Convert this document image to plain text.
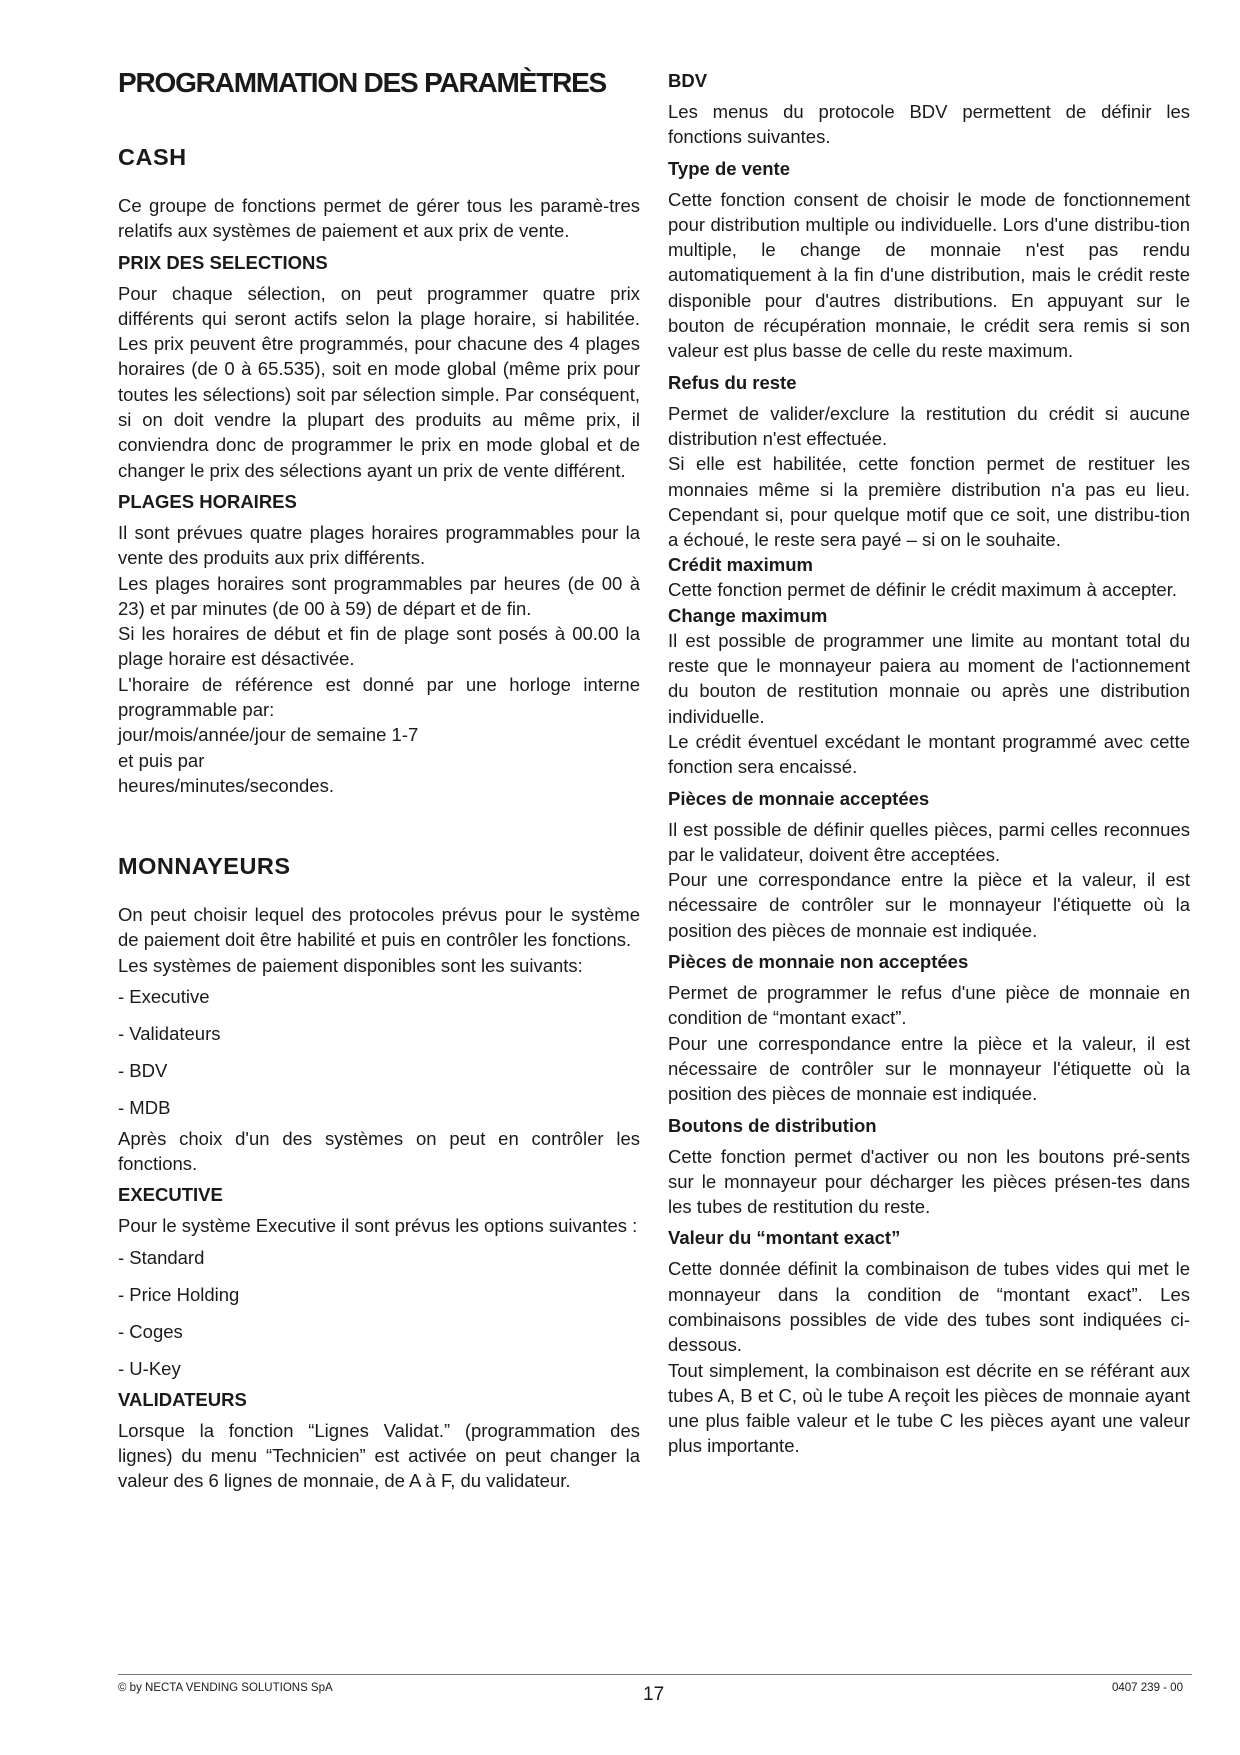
PROGRAMMATION DES PARAMÈTRES
CASH

Ce groupe de fonctions permet de gérer tous les paramè-tres relatifs aux systèmes de paiement et aux prix de vente.

PRIX DES SELECTIONS

Pour chaque sélection, on peut programmer quatre prix différents qui seront actifs selon la plage horaire, si habilitée. Les prix peuvent être programmés, pour chacune des 4 plages horaires (de 0 à 65.535), soit en mode global (même prix pour toutes les sélections) soit par sélection simple. Par conséquent, si on doit vendre la plupart des produits au même prix, il conviendra donc de programmer le prix en mode global et de changer le prix des sélections ayant un prix de vente différent.

PLAGES HORAIRES

Il sont prévues quatre plages horaires programmables pour la vente des produits aux prix différents.

Les plages horaires sont programmables par heures (de 00 à 23) et par minutes (de 00 à 59) de départ et de fin.

Si les horaires de début et fin de plage sont posés à 00.00 la plage horaire est désactivée.

L'horaire de référence est donné par une horloge interne programmable par:

jour/mois/année/jour de semaine 1-7

et puis par

heures/minutes/secondes.

MONNAYEURS

On peut choisir lequel des protocoles prévus pour le système de paiement doit être habilité et puis en contrôler les fonctions.

Les systèmes de paiement disponibles sont les suivants:

- Executive

- Validateurs

- BDV

- MDB

Après choix d'un des systèmes on peut en contrôler les fonctions.

EXECUTIVE

Pour le système Executive il sont prévus les options suivantes :

- Standard

- Price Holding

- Coges

- U-Key

VALIDATEURS

Lorsque la fonction “Lignes Validat.” (programmation des lignes) du menu “Technicien” est activée on peut changer la valeur des 6 lignes de monnaie, de A à F, du validateur.

BDV

Les menus du protocole BDV permettent de définir les fonctions suivantes.

Type de vente

Cette fonction consent de choisir le mode de fonctionnement pour distribution multiple ou individuelle. Lors d'une distribu-tion multiple, le change de monnaie n'est pas rendu automatiquement à la fin d'une distribution, mais le crédit reste disponible pour d'autres distributions. En appuyant sur le bouton de récupération monnaie, le crédit sera remis si son valeur est plus basse de celle du reste maximum.

Refus du reste

Permet de valider/exclure la restitution du crédit si aucune distribution n'est effectuée.

Si elle est habilitée, cette fonction permet de restituer les monnaies même si la première distribution n'a pas eu lieu. Cependant si, pour quelque motif que ce soit, une distribu-tion a échoué, le reste sera payé – si on le souhaite.

Crédit maximum

Cette fonction permet de définir le crédit maximum à accepter.

Change maximum

Il est possible de programmer une limite au montant total du reste que le monnayeur paiera au moment de l'actionnement du bouton de restitution monnaie ou après une distribution individuelle.

Le crédit éventuel excédant le montant programmé avec cette fonction sera encaissé.

Pièces de monnaie acceptées

Il est possible de définir quelles pièces, parmi celles reconnues par le validateur, doivent être acceptées.

Pour une correspondance entre la pièce et la valeur, il est nécessaire de contrôler sur le monnayeur l'étiquette où la position des pièces de monnaie est indiquée.

Pièces de monnaie non acceptées

Permet de programmer le refus d'une pièce de monnaie en condition de “montant exact”.

Pour une correspondance entre la pièce et la valeur, il est nécessaire de contrôler sur le monnayeur l'étiquette où la position des pièces de monnaie est indiquée.

Boutons de distribution

Cette fonction permet d'activer ou non les boutons pré-sents sur le monnayeur pour décharger les pièces présen-tes dans les tubes de restitution du reste.

Valeur du “montant exact”

Cette donnée définit la combinaison de tubes vides qui met le monnayeur dans la condition de “montant exact”. Les combinaisons possibles de vide des tubes sont indiquées ci-dessous.

Tout simplement, la combinaison est décrite en se référant aux tubes A, B et C, où le tube A reçoit les pièces de monnaie ayant une plus faible valeur et le tube C les pièces ayant une valeur plus importante.

© by NECTA VENDING SOLUTIONS SpA	17	0407 239 - 00
